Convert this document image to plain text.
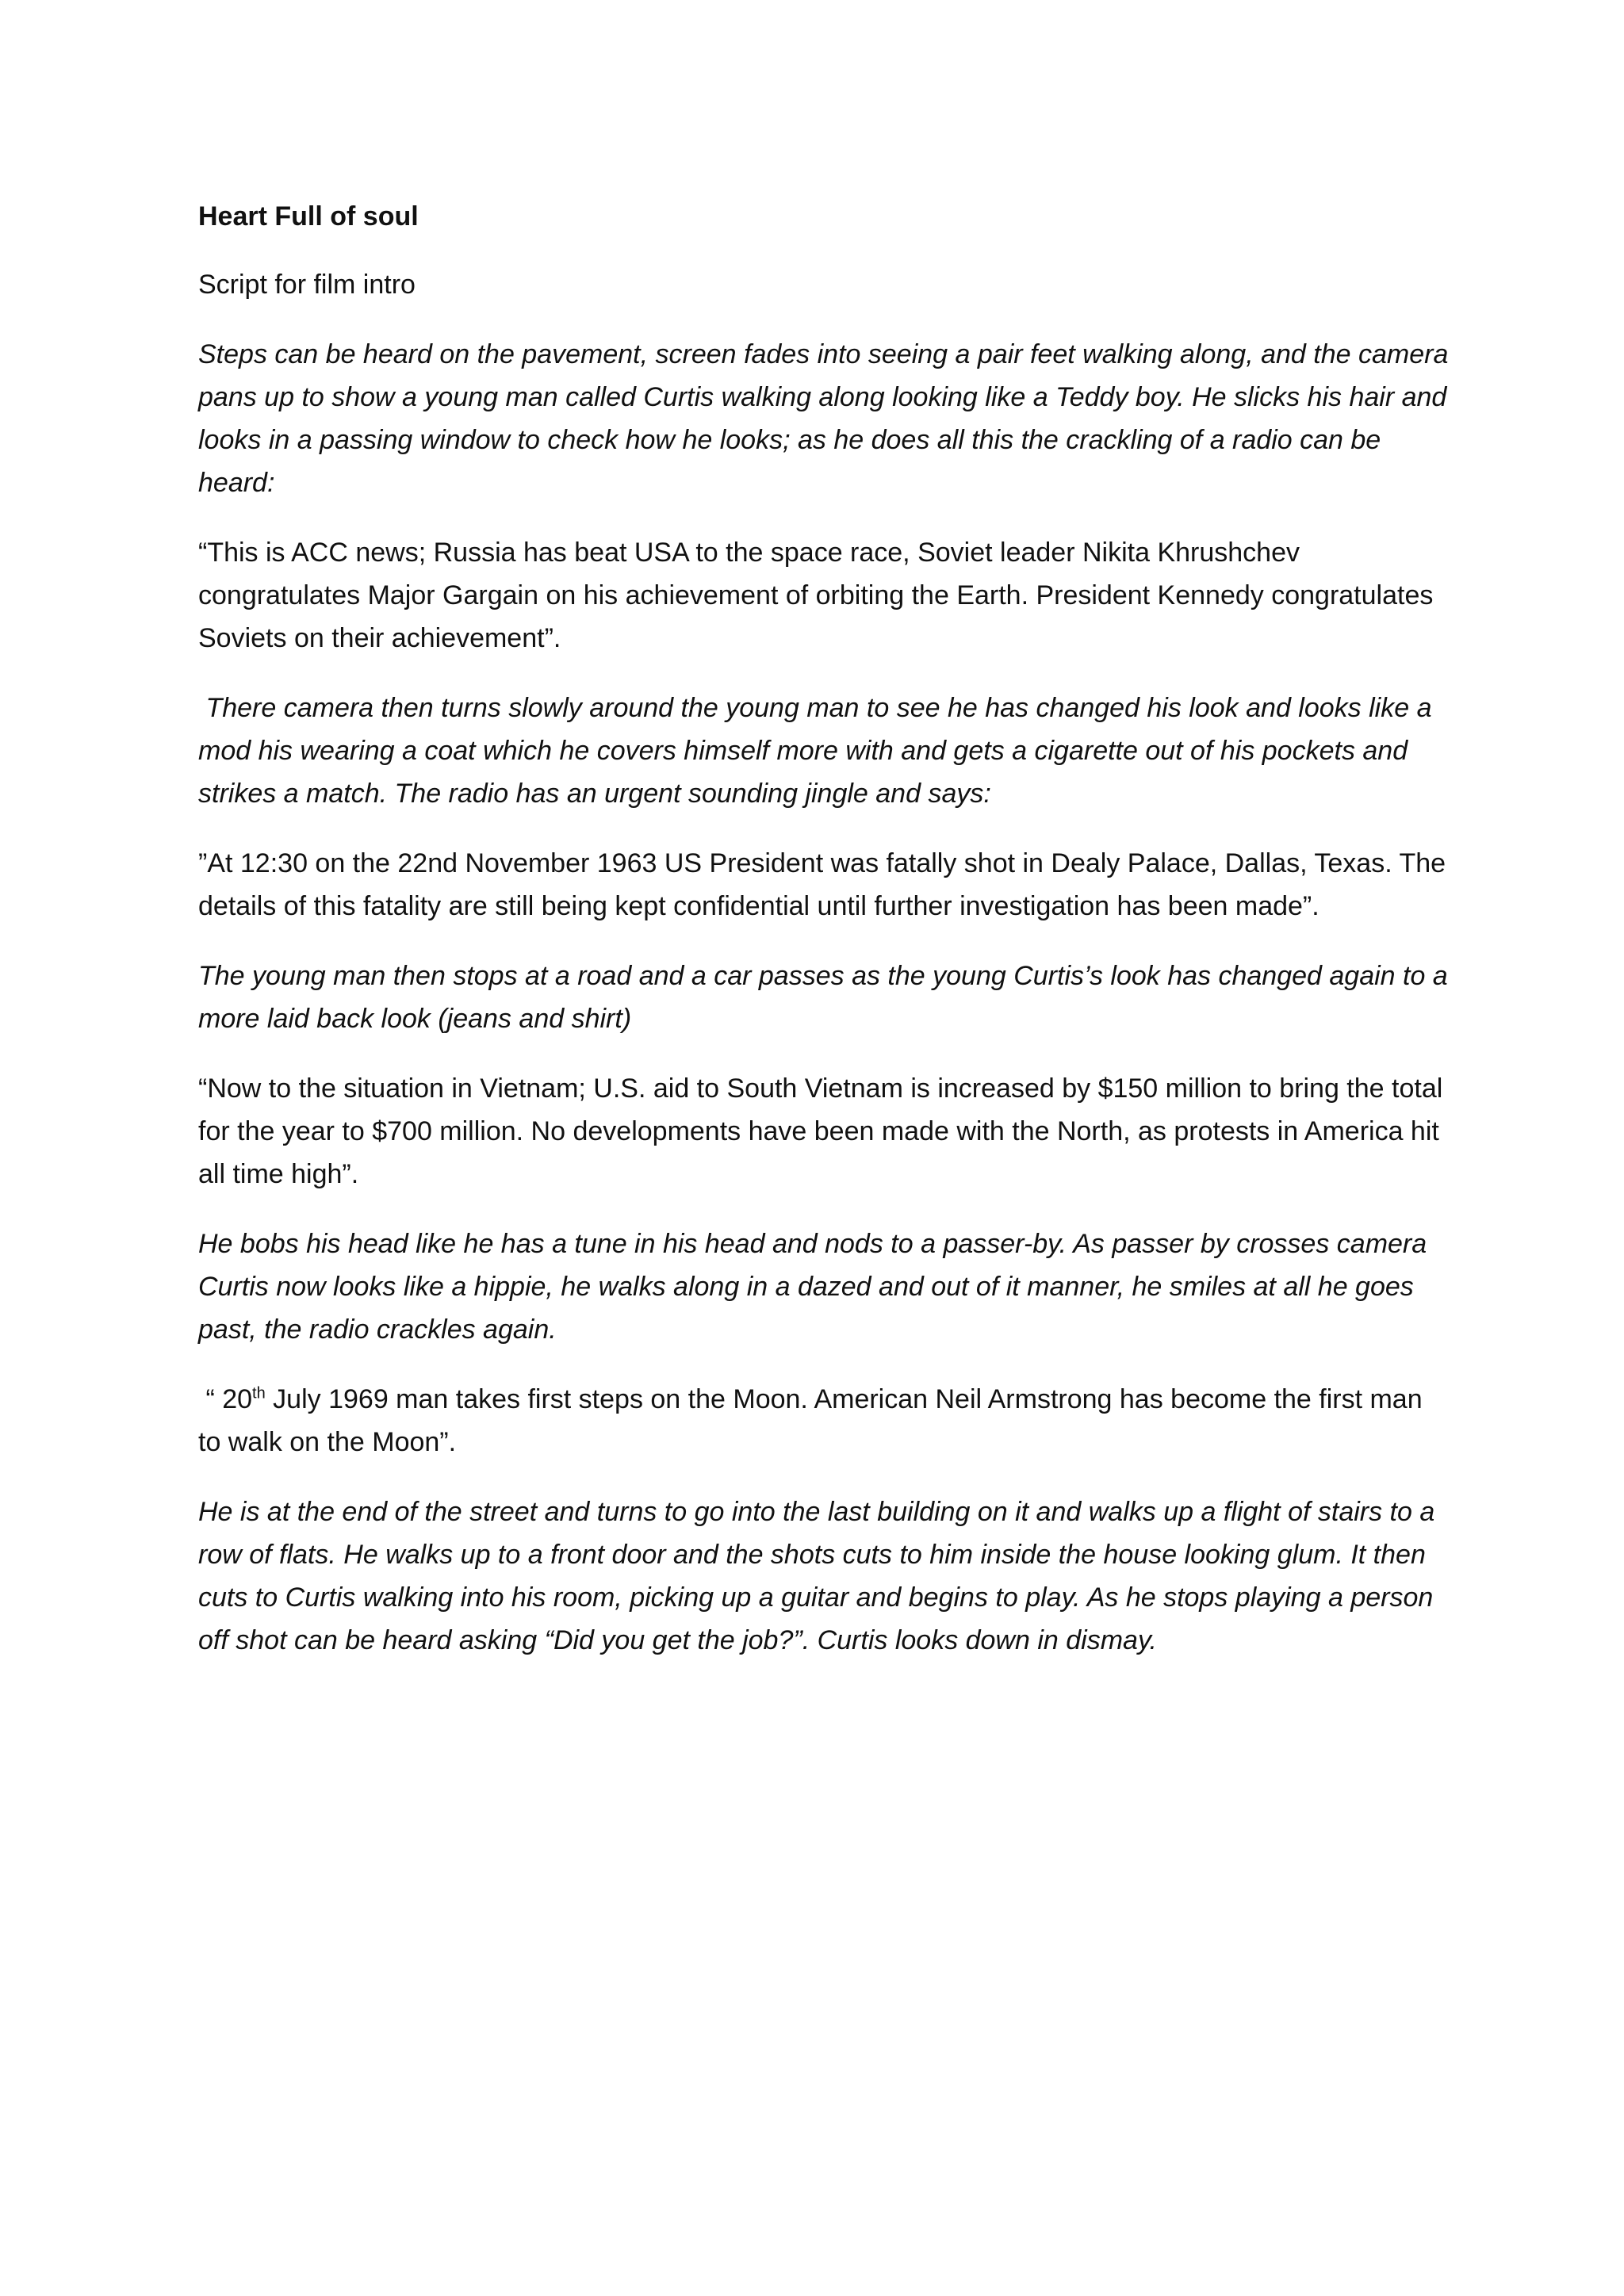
Heart Full of soul

Script for film intro

Steps can be heard on the pavement, screen fades into seeing a pair feet walking along, and the camera pans up to show a young man called Curtis walking along looking like a Teddy boy. He slicks his hair and looks in a passing window to check how he looks; as he does all this the crackling of a radio can be heard:

“This is ACC news; Russia has beat USA to the space race, Soviet leader Nikita Khrushchev congratulates Major Gargain on his achievement of orbiting the Earth. President Kennedy congratulates Soviets on their achievement”.

There camera then turns slowly around the young man to see he has changed his look and looks like a mod his wearing a coat which he covers himself more with and gets a cigarette out of his pockets and strikes a match. The radio has an urgent sounding jingle and says:

”At 12:30 on the 22nd November 1963 US President was fatally shot in Dealy Palace, Dallas, Texas. The details of this fatality are still being kept confidential until further investigation has been made”.

The young man then stops at a road and a car passes as the young Curtis’s look has changed again to a more laid back look (jeans and shirt)

“Now to the situation in Vietnam; U.S. aid to South Vietnam is increased by $150 million to bring the total for the year to $700 million. No developments have been made with the North, as protests in America hit all time high”.

He bobs his head like he has a tune in his head and nods to a passer-by. As passer by crosses camera Curtis now looks like a hippie, he walks along in a dazed and out of it manner, he smiles at all he goes past, the radio crackles again.

“ 20th July 1969 man takes first steps on the Moon. American Neil Armstrong has become the first man to walk on the Moon”.

He is at the end of the street and turns to go into the last building on it and walks up a flight of stairs to a row of flats. He walks up to a front door and the shots cuts to him inside the house looking glum. It then cuts to Curtis walking into his room, picking up a guitar and begins to play. As he stops playing a person off shot can be heard asking “Did you get the job?”. Curtis looks down in dismay.
